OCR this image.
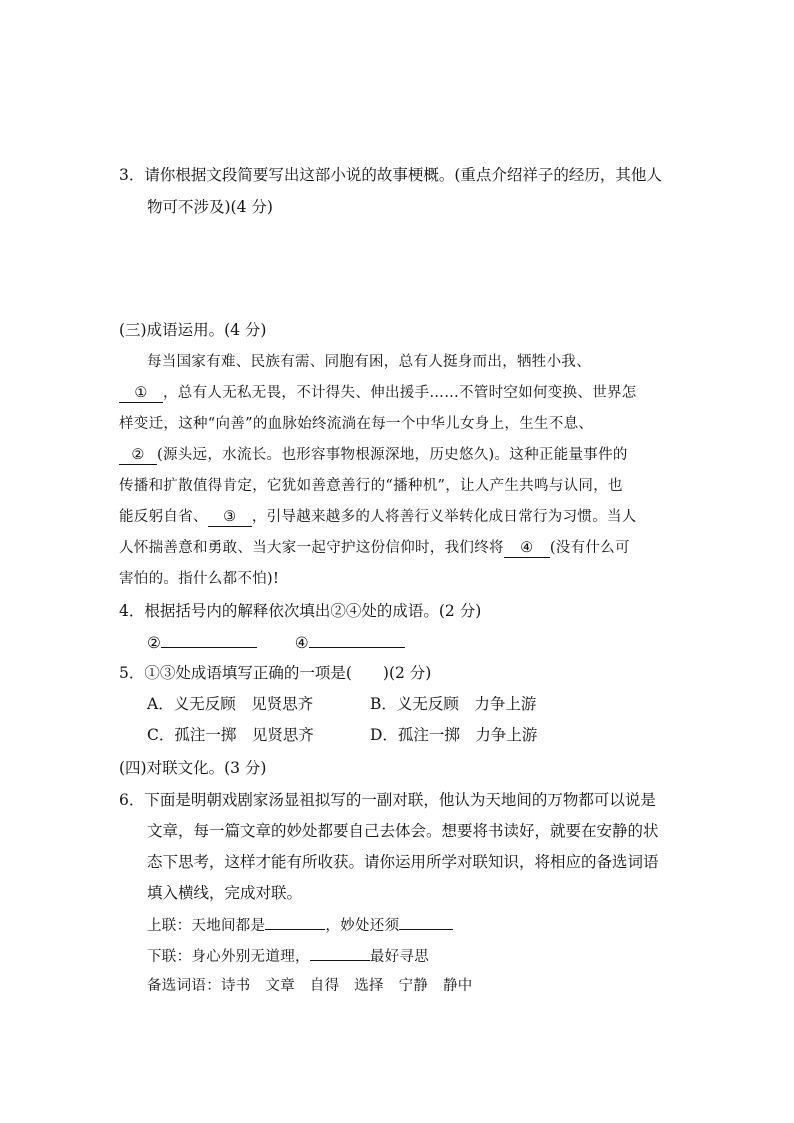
3．请你根据文段简要写出这部小说的故事梗概。(重点介绍祥子的经历，其他人
物可不涉及)(4 分)
(三)成语运用。(4 分)
每当国家有难、民族有需、同胞有困，总有人挺身而出，牺牲小我、
① ，总有人无私无畏，不计得失、伸出援手……不管时空如何变换、世界怎
样变迁，这种“向善”的血脉始终流淌在每一个中华儿女身上，生生不息、
② (源头远，水流长。也形容事物根源深地，历史悠久)。这种正能量事件的
传播和扩散值得肯定，它犹如善意善行的“播种机”，让人产生共鸣与认同，也
能反躬自省、 ③ ，引导越来越多的人将善行义举转化成日常行为习惯。当人
人怀揣善意和勇敢、当大家一起守护这份信仰时，我们终将 ④ (没有什么可
害怕的。指什么都不怕)!
4．根据括号内的解释依次填出②④处的成语。(2 分)
②	④
5．①③处成语填写正确的一项是(　　)(2 分)
A．义无反顾　见贤思齐	B．义无反顾　力争上游
C．孤注一掷　见贤思齐	D．孤注一掷　力争上游
(四)对联文化。(3 分)
6．下面是明朝戏剧家汤显祖拟写的一副对联，他认为天地间的万物都可以说是
文章，每一篇文章的妙处都要自己去体会。想要将书读好，就要在安静的状
态下思考，这样才能有所收获。请你运用所学对联知识，将相应的备选词语
填入横线，完成对联。
上联：天地间都是	，妙处还须
下联：身心外别无道理，	最好寻思
备选词语：诗书　文章　自得　选择　宁静　静中
